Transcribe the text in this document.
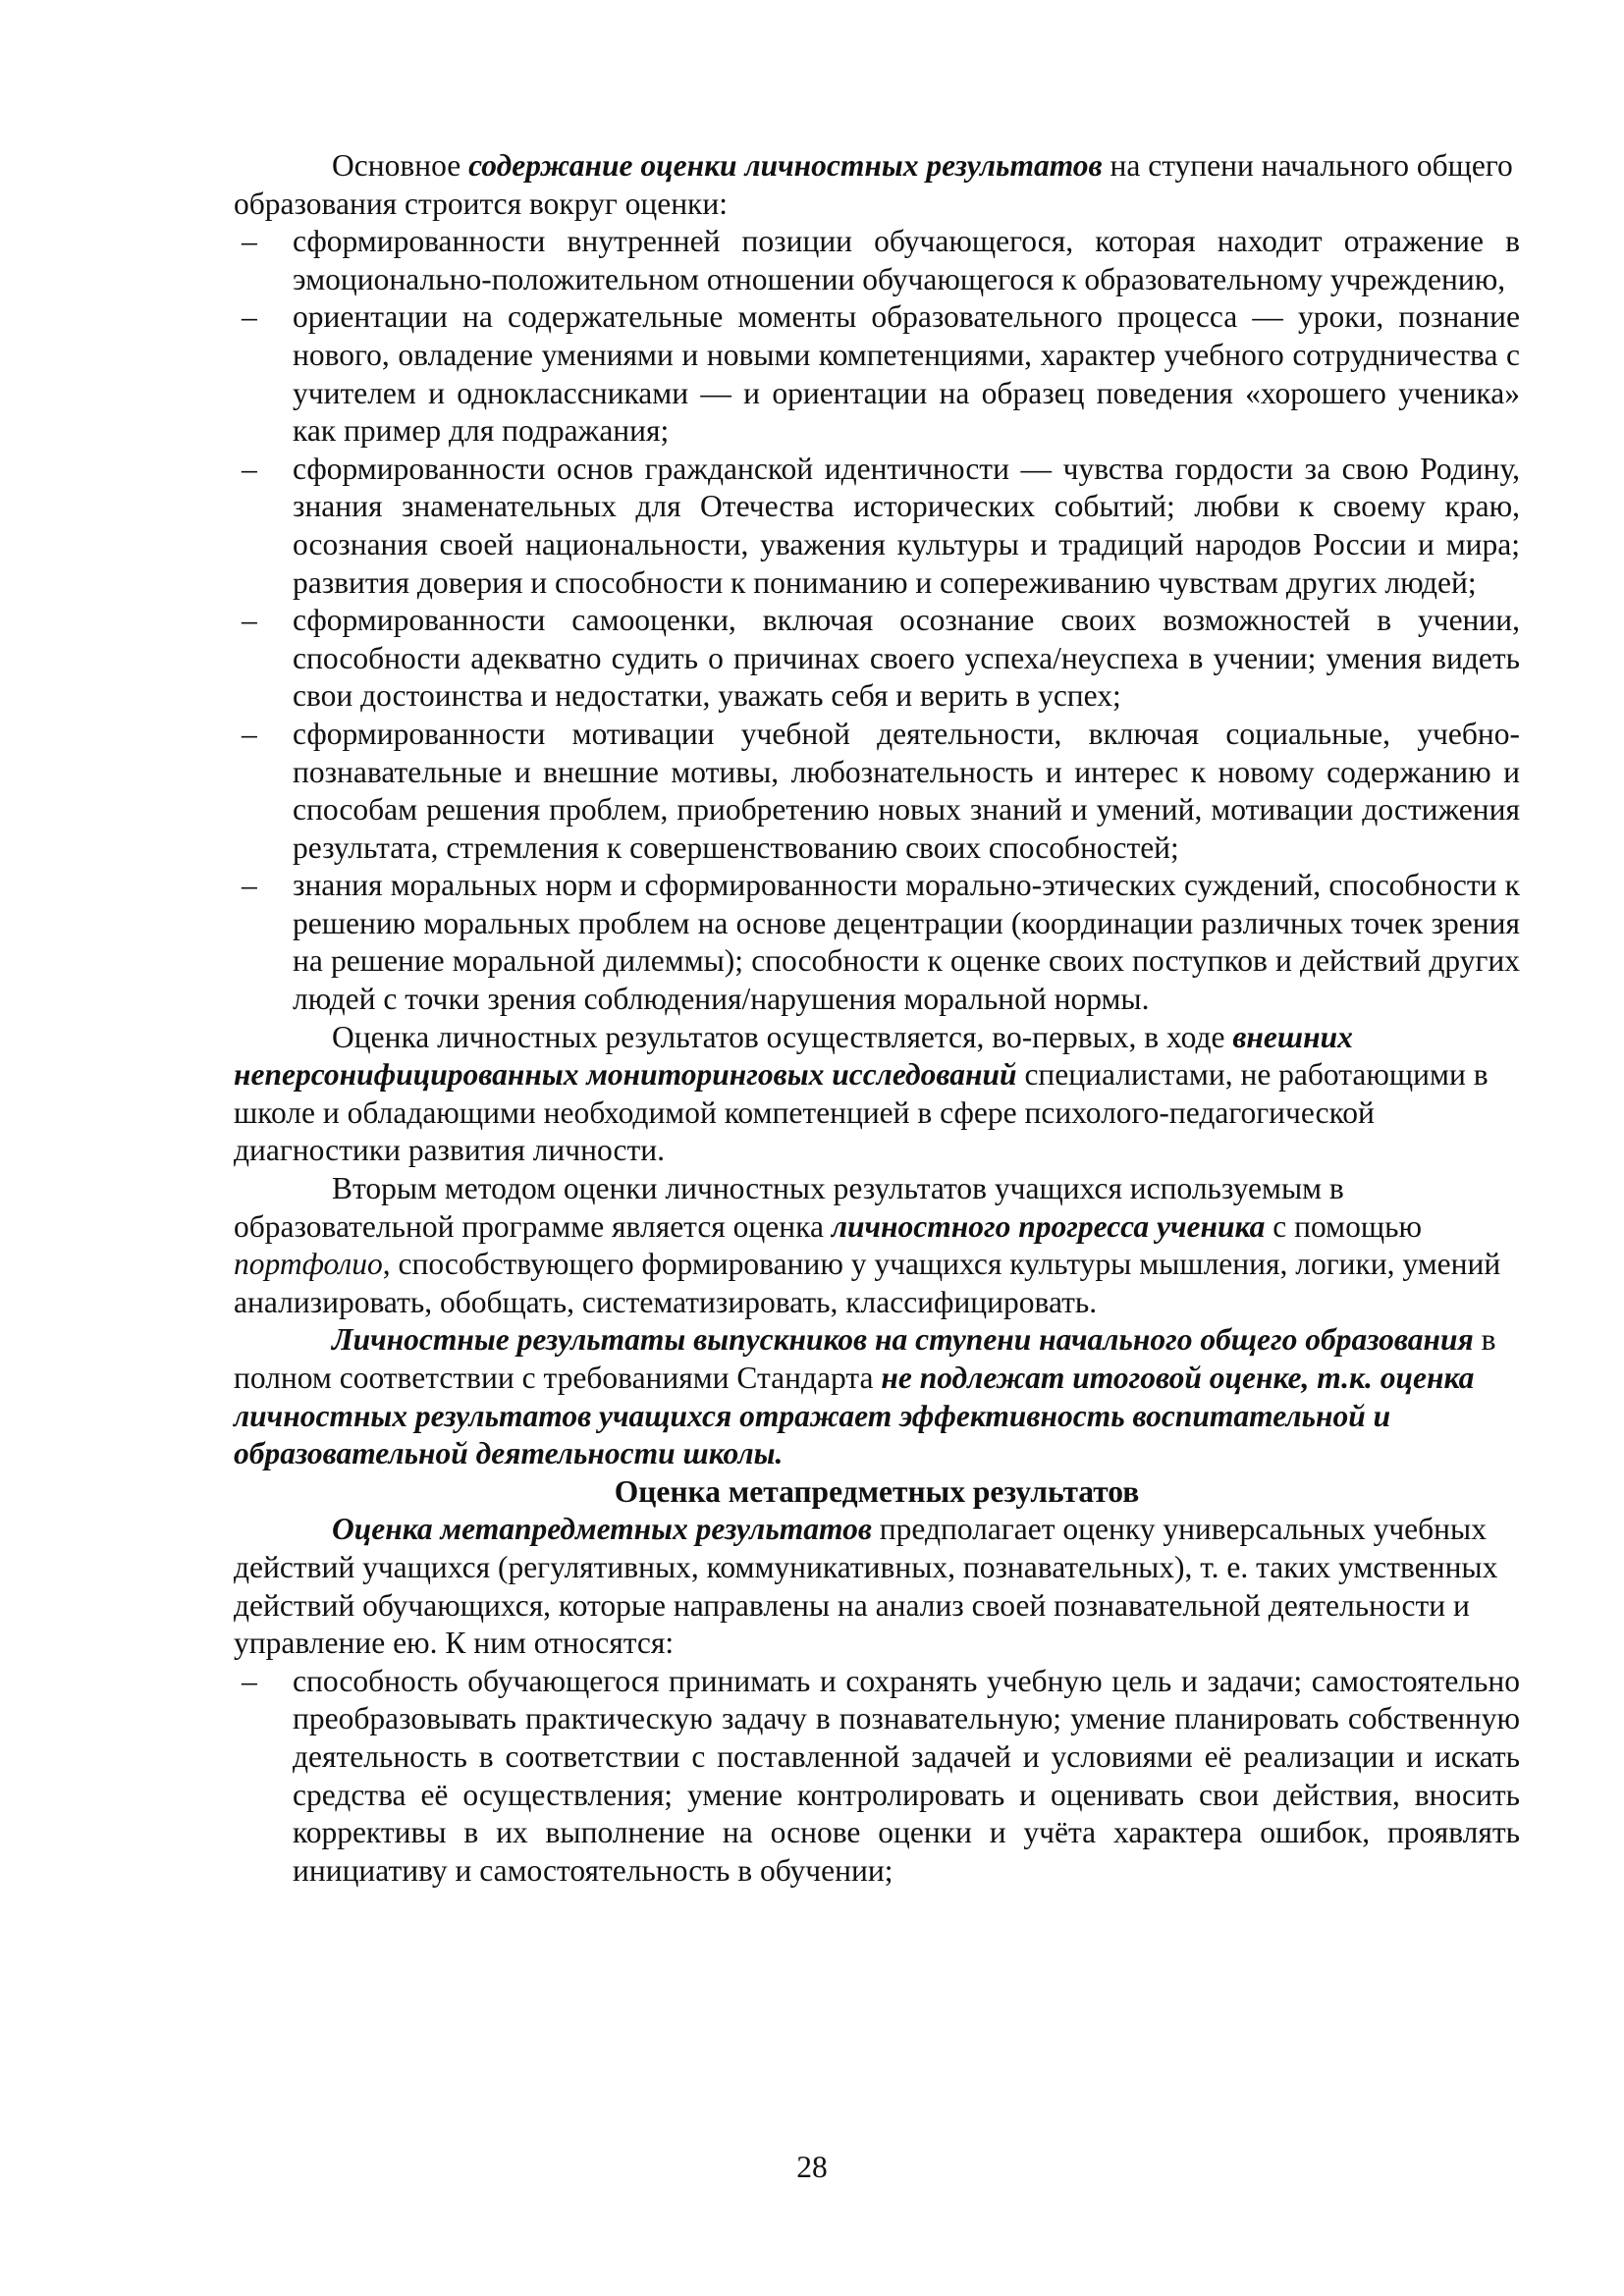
Основное содержание оценки личностных результатов на ступени начального общего образования строится вокруг оценки:

– сформированности внутренней позиции обучающегося, которая находит отражение в эмоционально-положительном отношении обучающегося к образовательному учреждению,
– ориентации на содержательные моменты образовательного процесса — уроки, познание нового, овладение умениями и новыми компетенциями, характер учебного сотрудничества с учителем и одноклассниками — и ориентации на образец поведения «хорошего ученика» как пример для подражания;
– сформированности основ гражданской идентичности — чувства гордости за свою Родину, знания знаменательных для Отечества исторических событий; любви к своему краю, осознания своей национальности, уважения культуры и традиций народов России и мира; развития доверия и способности к пониманию и сопереживанию чувствам других людей;
– сформированности самооценки, включая осознание своих возможностей в учении, способности адекватно судить о причинах своего успеха/неуспеха в учении; умения видеть свои достоинства и недостатки, уважать себя и верить в успех;
– сформированности мотивации учебной деятельности, включая социальные, учебно-познавательные и внешние мотивы, любознательность и интерес к новому содержанию и способам решения проблем, приобретению новых знаний и умений, мотивации достижения результата, стремления к совершенствованию своих способностей;
– знания моральных норм и сформированности морально-этических суждений, способности к решению моральных проблем на основе децентрации (координации различных точек зрения на решение моральной дилеммы); способности к оценке своих поступков и действий других людей с точки зрения соблюдения/нарушения моральной нормы.

Оценка личностных результатов осуществляется, во-первых, в ходе внешних неперсонифицированных мониторинговых исследований специалистами, не работающими в школе и обладающими необходимой компетенцией в сфере психолого-педагогической диагностики развития личности.

Вторым методом оценки личностных результатов учащихся используемым в образовательной программе является оценка личностного прогресса ученика с помощью портфолио, способствующего формированию у учащихся культуры мышления, логики, умений анализировать, обобщать, систематизировать, классифицировать.

Личностные результаты выпускников на ступени начального общего образования в полном соответствии с требованиями Стандарта не подлежат итоговой оценке, т.к. оценка личностных результатов учащихся отражает эффективность воспитательной и образовательной деятельности школы.

Оценка метапредметных результатов

Оценка метапредметных результатов предполагает оценку универсальных учебных действий учащихся (регулятивных, коммуникативных, познавательных), т. е. таких умственных действий обучающихся, которые направлены на анализ своей познавательной деятельности и управление ею. К ним относятся:

– способность обучающегося принимать и сохранять учебную цель и задачи; самостоятельно преобразовывать практическую задачу в познавательную; умение планировать собственную деятельность в соответствии с поставленной задачей и условиями её реализации и искать средства её осуществления; умение контролировать и оценивать свои действия, вносить коррективы в их выполнение на основе оценки и учёта характера ошибок, проявлять инициативу и самостоятельность в обучении;
28
